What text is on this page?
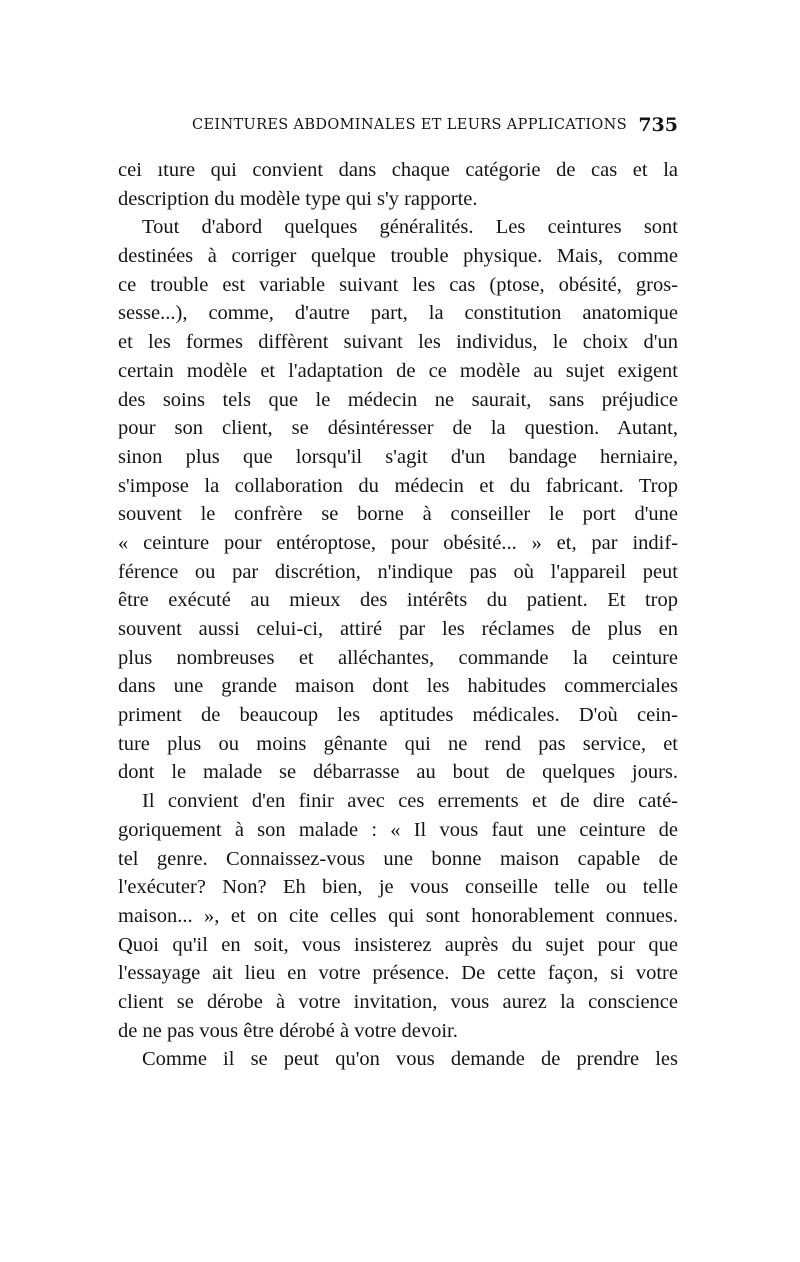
CEINTURES ABDOMINALES ET LEURS APPLICATIONS 735
cei ıture qui convient dans chaque catégorie de cas et la
description du modèle type qui s'y rapporte.
Tout d'abord quelques généralités. Les ceintures sont
destinées à corriger quelque trouble physique. Mais, comme
ce trouble est variable suivant les cas (ptose, obésité, gros-
sesse...), comme, d'autre part, la constitution anatomique
et les formes diffèrent suivant les individus, le choix d'un
certain modèle et l'adaptation de ce modèle au sujet exigent
des soins tels que le médecin ne saurait, sans préjudice
pour son client, se désintéresser de la question. Autant,
sinon plus que lorsqu'il s'agit d'un bandage herniaire,
s'impose la collaboration du médecin et du fabricant. Trop
souvent le confrère se borne à conseiller le port d'une
« ceinture pour entéroptose, pour obésité... » et, par indif-
férence ou par discrétion, n'indique pas où l'appareil peut
être exécuté au mieux des intérêts du patient. Et trop
souvent aussi celui-ci, attiré par les réclames de plus en
plus nombreuses et alléchantes, commande la ceinture
dans une grande maison dont les habitudes commerciales
priment de beaucoup les aptitudes médicales. D'où cein-
ture plus ou moins gênante qui ne rend pas service, et
dont le malade se débarrasse au bout de quelques jours.
Il convient d'en finir avec ces errements et de dire caté-
goriquement à son malade : « Il vous faut une ceinture de
tel genre. Connaissez-vous une bonne maison capable de
l'exécuter? Non? Eh bien, je vous conseille telle ou telle
maison... », et on cite celles qui sont honorablement connues.
Quoi qu'il en soit, vous insisterez auprès du sujet pour que
l'essayage ait lieu en votre présence. De cette façon, si votre
client se dérobe à votre invitation, vous aurez la conscience
de ne pas vous être dérobé à votre devoir.
Comme il se peut qu'on vous demande de prendre les
